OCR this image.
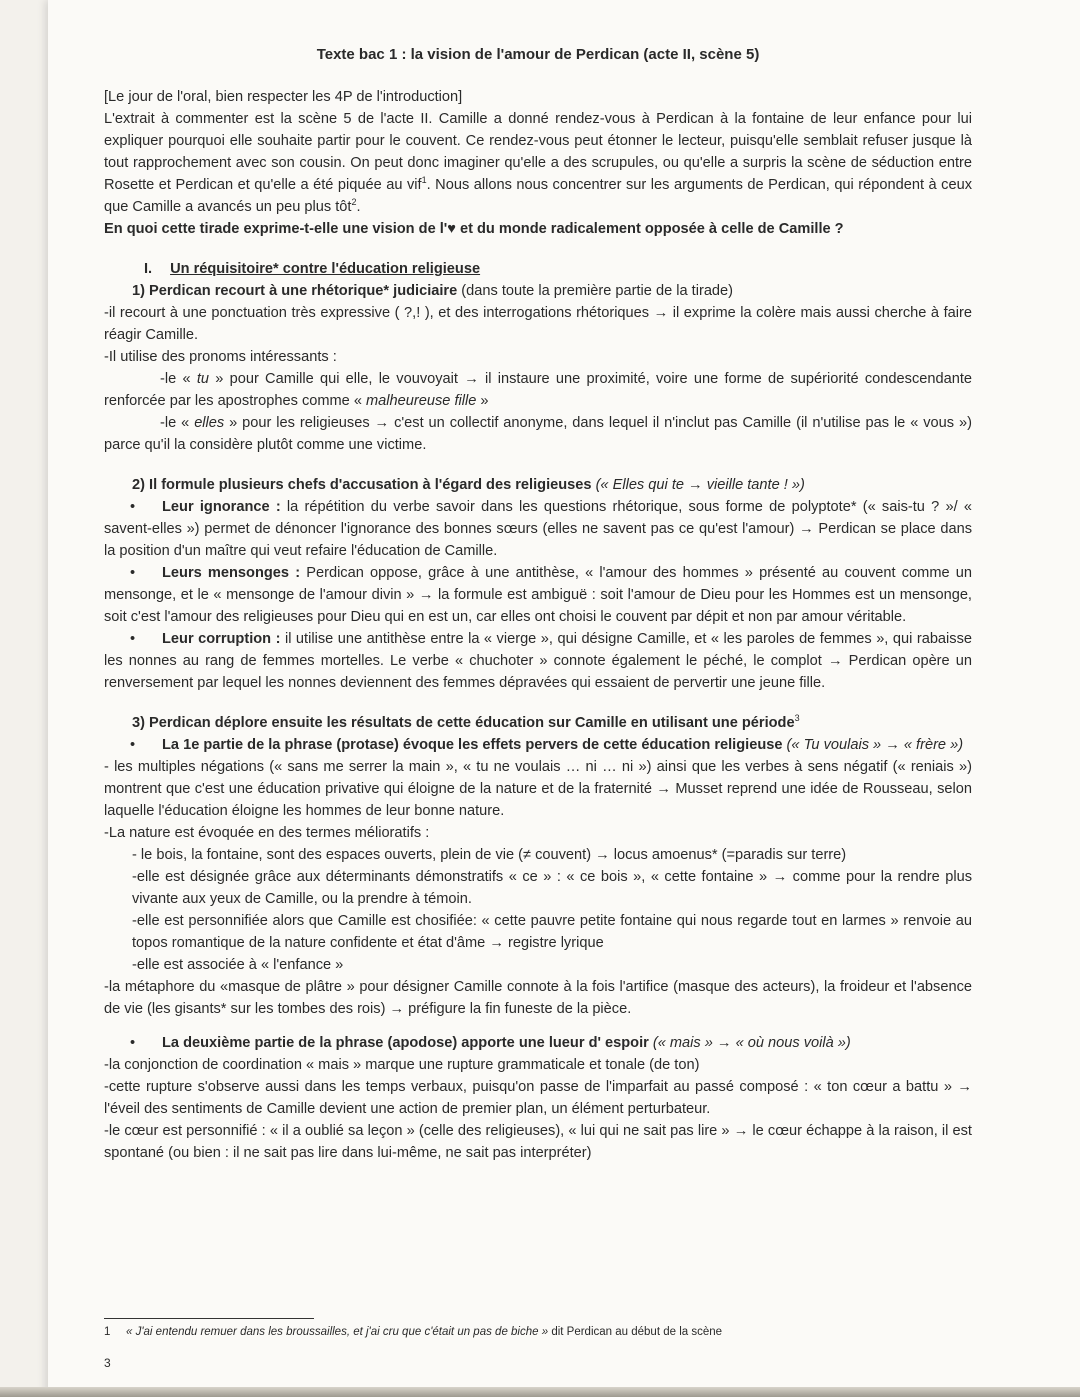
Texte bac 1 : la vision de l'amour de Perdican (acte II, scène 5)

[Le jour de l'oral, bien respecter les 4P de l'introduction]

L'extrait à commenter est la scène 5 de l'acte II. Camille a donné rendez-vous à Perdican à la fontaine de leur enfance pour lui expliquer pourquoi elle souhaite partir pour le couvent. Ce rendez-vous peut étonner le lecteur, puisqu'elle semblait refuser jusque là tout rapprochement avec son cousin. On peut donc imaginer qu'elle a des scrupules, ou qu'elle a surpris la scène de séduction entre Rosette et Perdican et qu'elle a été piquée au vif$^1$. Nous allons nous concentrer sur les arguments de Perdican, qui répondent à ceux que Camille a avancés un peu plus tôt$^2$.

En quoi cette tirade exprime-t-elle une vision de l'♥ et du monde radicalement opposée à celle de Camille ?

I. Un réquisitoire* contre l'éducation religieuse

1) Perdican recourt à une rhétorique* judiciaire (dans toute la première partie de la tirade)

-il recourt à une ponctuation très expressive ( ?,! ), et des interrogations rhétoriques → il exprime la colère mais aussi cherche à faire réagir Camille.

-Il utilise des pronoms intéressants :

-le « tu » pour Camille qui elle, le vouvoyait → il instaure une proximité, voire une forme de supériorité condescendante renforcée par les apostrophes comme « malheureuse fille »

-le « elles » pour les religieuses → c'est un collectif anonyme, dans lequel il n'inclut pas Camille (il n'utilise pas le « vous ») parce qu'il la considère plutôt comme une victime.

2) Il formule plusieurs chefs d'accusation à l'égard des religieuses (« Elles qui te → vieille tante ! »)

• Leur ignorance : la répétition du verbe savoir dans les questions rhétorique, sous forme de polyptote* (« sais-tu ? »/ « savent-elles ») permet de dénoncer l'ignorance des bonnes sœurs (elles ne savent pas ce qu'est l'amour) → Perdican se place dans la position d'un maître qui veut refaire l'éducation de Camille.

• Leurs mensonges : Perdican oppose, grâce à une antithèse, « l'amour des hommes » présenté au couvent comme un mensonge, et le « mensonge de l'amour divin » → la formule est ambiguë : soit l'amour de Dieu pour les Hommes est un mensonge, soit c'est l'amour des religieuses pour Dieu qui en est un, car elles ont choisi le couvent par dépit et non par amour véritable.

• Leur corruption : il utilise une antithèse entre la « vierge », qui désigne Camille, et « les paroles de femmes », qui rabaisse les nonnes au rang de femmes mortelles. Le verbe « chuchoter » connote également le péché, le complot → Perdican opère un renversement par lequel les nonnes deviennent des femmes dépravées qui essaient de pervertir une jeune fille.

3) Perdican déplore ensuite les résultats de cette éducation sur Camille en utilisant une période$^3$

• La 1e partie de la phrase (protase) évoque les effets pervers de cette éducation religieuse (« Tu voulais » → « frère »)

- les multiples négations (« sans me serrer la main », « tu ne voulais … ni … ni ») ainsi que les verbes à sens négatif (« reniais ») montrent que c'est une éducation privative qui éloigne de la nature et de la fraternité → Musset reprend une idée de Rousseau, selon laquelle l'éducation éloigne les hommes de leur bonne nature.

-La nature est évoquée en des termes mélioratifs :

- le bois, la fontaine, sont des espaces ouverts, plein de vie (≠ couvent) → locus amoenus* (=paradis sur terre)

-elle est désignée grâce aux déterminants démonstratifs « ce » : « ce bois », « cette fontaine » → comme pour la rendre plus vivante aux yeux de Camille, ou la prendre à témoin.

-elle est personnifiée alors que Camille est chosifiée: « cette pauvre petite fontaine qui nous regarde tout en larmes » renvoie au topos romantique de la nature confidente et état d'âme → registre lyrique

-elle est associée à « l'enfance »

-la métaphore du «masque de plâtre » pour désigner Camille connote à la fois l'artifice (masque des acteurs), la froideur et l'absence de vie (les gisants* sur les tombes des rois) → préfigure la fin funeste de la pièce.

• La deuxième partie de la phrase (apodose) apporte une lueur d' espoir (« mais » → « où nous voilà »)

-la conjonction de coordination « mais » marque une rupture grammaticale et tonale (de ton)

-cette rupture s'observe aussi dans les temps verbaux, puisqu'on passe de l'imparfait au passé composé : « ton cœur a battu » → l'éveil des sentiments de Camille devient une action de premier plan, un élément perturbateur.

-le cœur est personnifié : « il a oublié sa leçon » (celle des religieuses), « lui qui ne sait pas lire » → le cœur échappe à la raison, il est spontané (ou bien : il ne sait pas lire dans lui-même, ne sait pas interpréter)

1 « J'ai entendu remuer dans les broussailles, et j'ai cru que c'était un pas de biche » dit Perdican au début de la scène

3
